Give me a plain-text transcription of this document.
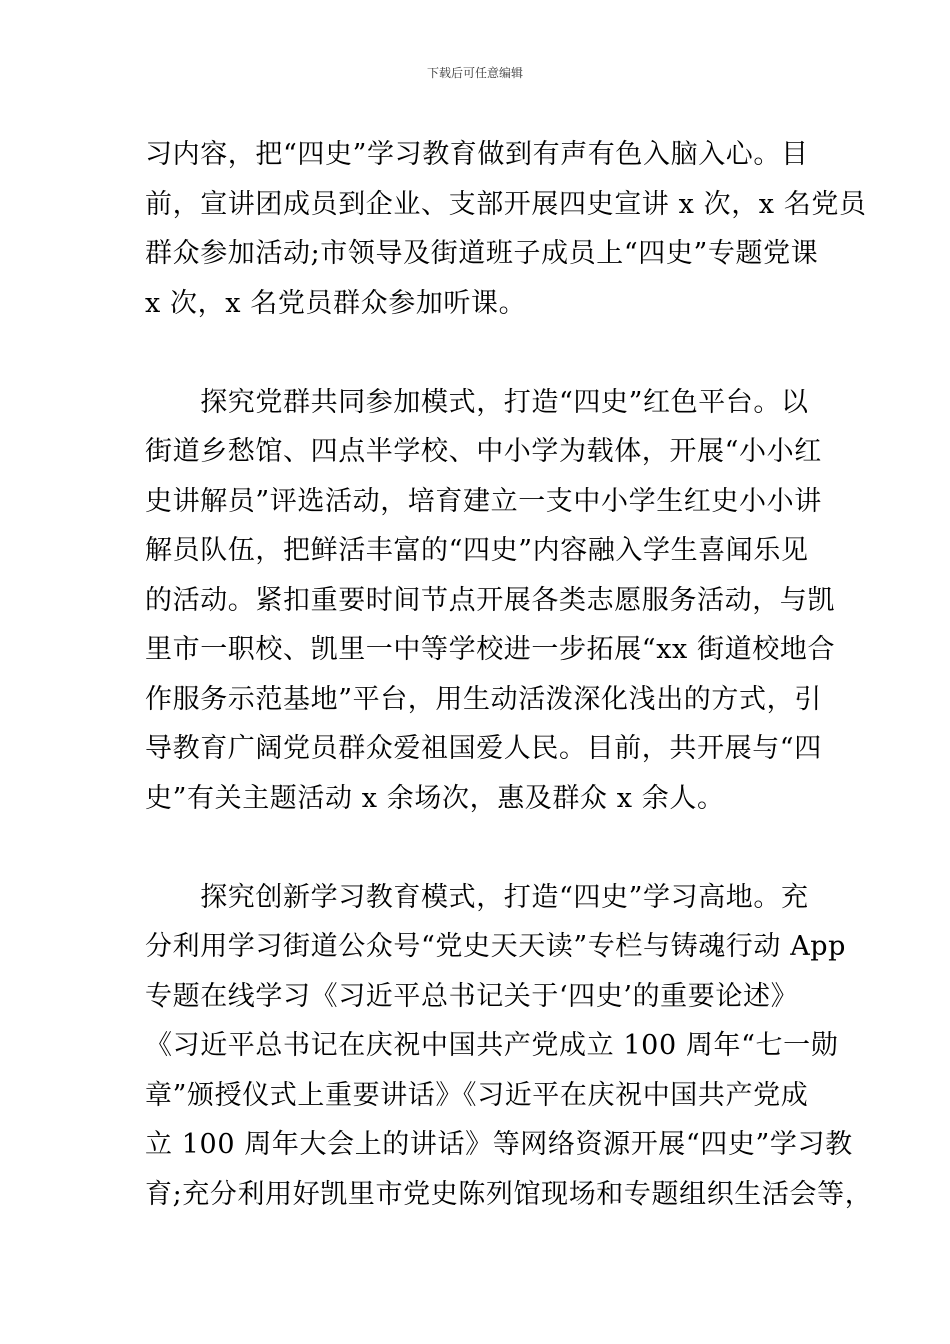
下载后可任意编辑
习内容，把“四史”学习教育做到有声有色入脑入心。目
前，宣讲团成员到企业、支部开展四史宣讲 x 次，x 名党员
群众参加活动;市领导及街道班子成员上“四史”专题党课
x 次，x 名党员群众参加听课。
　　探究党群共同参加模式，打造“四史”红色平台。以
街道乡愁馆、四点半学校、中小学为载体，开展“小小红
史讲解员”评选活动，培育建立一支中小学生红史小小讲
解员队伍，把鲜活丰富的“四史”内容融入学生喜闻乐见
的活动。紧扣重要时间节点开展各类志愿服务活动，与凯
里市一职校、凯里一中等学校进一步拓展“xx 街道校地合
作服务示范基地”平台，用生动活泼深化浅出的方式，引
导教育广阔党员群众爱祖国爱人民。目前，共开展与“四
史”有关主题活动 x 余场次，惠及群众 x 余人。
　　探究创新学习教育模式，打造“四史”学习高地。充
分利用学习街道公众号“党史天天读”专栏与铸魂行动 App
专题在线学习《习近平总书记关于‘四史’的重要论述》
《习近平总书记在庆祝中国共产党成立 100 周年“七一勋
章”颁授仪式上重要讲话》《习近平在庆祝中国共产党成
立 100 周年大会上的讲话》等网络资源开展“四史”学习教
育;充分利用好凯里市党史陈列馆现场和专题组织生活会等，
